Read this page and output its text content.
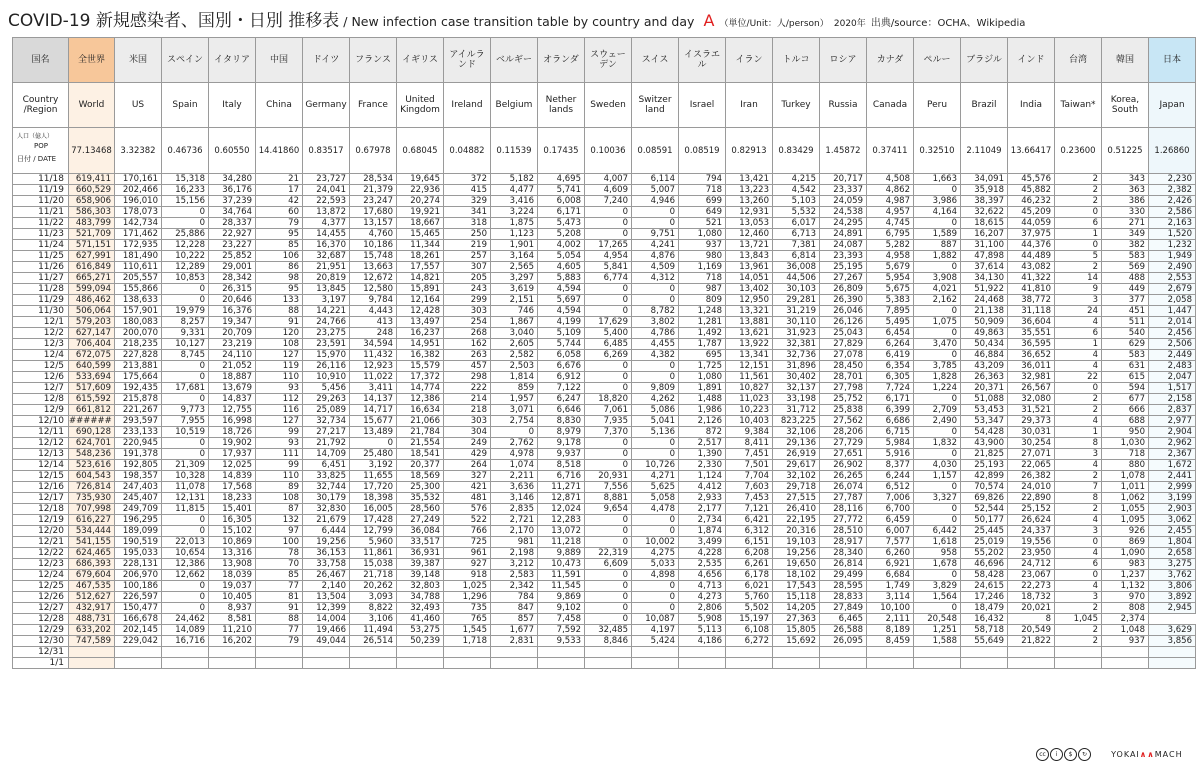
COVID-19 新規感染者、国別・日別 推移表 / New infection case transition table by country and day A （単位/Unit：人/person） 2020年 出典/source：OCHA、Wikipedia
国名	全世界	米国	スペイン	イタリア	中国	ドイツ	フランス	イギリス	アイルランド	ベルギー	オランダ	スウェーデン	スイス	イスラエル	イラン	トルコ	ロシア	カナダ	ペルー	ブラジル	インド	台湾	韓国	日本
Country /Region	World	US	Spain	Italy	China	Germany	France	United Kingdom	Ireland	Belgium	Nether lands	Sweden	Switzer land	Israel	Iran	Turkey	Russia	Canada	Peru	Brazil	India	Taiwan*	Korea, South	Japan

人口（億人）
POP
日付 / DATE	77.13468	3.32382	0.46736	0.60550	14.41860	0.83517	0.67978	0.68045	0.04882	0.11539	0.17435	0.10036	0.08591	0.08519	0.82913	0.83429	1.45872	0.37411	0.32510	2.11049	13.66417	0.23600	0.51225	1.26860
11/18	619,411	170,161	15,318	34,280	21	23,727	28,534	19,645	372	5,182	4,695	4,007	6,114	794	13,421	4,215	20,717	4,508	1,663	34,091	45,576	2	343	2,230
11/19	660,529	202,466	16,233	36,176	17	24,041	21,379	22,936	415	4,477	5,741	4,609	5,007	718	13,223	4,542	23,337	4,862	0	35,918	45,882	2	363	2,382
11/20	658,906	196,010	15,156	37,239	42	22,593	23,247	20,274	329	3,416	6,008	7,240	4,946	699	13,260	5,103	24,059	4,987	3,986	38,397	46,232	2	386	2,426
11/21	586,303	178,073	0	34,764	60	13,872	17,680	19,921	341	3,224	6,171	0	0	649	12,931	5,532	24,538	4,957	4,164	32,622	45,209	0	330	2,586
11/22	483,799	142,734	0	28,337	79	4,377	13,157	18,667	318	1,875	5,473	0	0	521	13,053	6,017	24,295	4,745	0	18,615	44,059	6	271	2,163
11/23	521,709	171,462	25,886	22,927	95	14,455	4,760	15,465	250	1,123	5,208	0	9,751	1,080	12,460	6,713	24,891	6,795	1,589	16,207	37,975	1	349	1,520
11/24	571,151	172,935	12,228	23,227	85	16,370	10,186	11,344	219	1,901	4,002	17,265	4,241	937	13,721	7,381	24,087	5,282	887	31,100	44,376	0	382	1,232
11/25	627,991	181,490	10,222	25,852	106	32,687	15,748	18,261	257	3,164	5,054	4,954	4,876	980	13,843	6,814	23,393	4,958	1,882	47,898	44,489	5	583	1,949
11/26	616,849	110,611	12,289	29,001	86	21,951	13,663	17,557	307	2,565	4,605	5,841	4,509	1,169	13,961	36,008	25,195	5,679	0	37,614	43,082	2	569	2,490
11/27	665,271	205,557	10,853	28,342	98	20,819	12,672	14,821	205	3,297	5,883	6,774	4,312	718	14,051	44,506	27,267	5,954	3,908	34,130	41,322	14	488	2,553
11/28	599,094	155,866	0	26,315	95	13,845	12,580	15,891	243	3,619	4,594	0	0	987	13,402	30,103	26,809	5,675	4,021	51,922	41,810	9	449	2,679
11/29	486,462	138,633	0	20,646	133	3,197	9,784	12,164	299	2,151	5,697	0	0	809	12,950	29,281	26,390	5,383	2,162	24,468	38,772	3	377	2,058
11/30	506,064	157,901	19,979	16,376	88	14,221	4,443	12,428	303	746	4,594	0	8,782	1,248	13,321	31,219	26,046	7,895	0	21,138	31,118	24	451	1,447
12/1	579,203	180,083	8,257	19,347	91	24,766	413	13,497	254	1,867	4,199	17,629	3,802	1,281	13,881	30,110	26,126	5,495	1,075	50,909	36,604	4	511	2,014
12/2	627,147	200,070	9,331	20,709	120	23,275	248	16,237	268	3,040	5,109	5,400	4,786	1,492	13,621	31,923	25,043	6,454	0	49,863	35,551	6	540	2,456
12/3	706,404	218,235	10,127	23,219	108	23,591	34,594	14,951	162	2,605	5,744	6,485	4,455	1,787	13,922	32,381	27,829	6,264	3,470	50,434	36,595	1	629	2,506
12/4	672,075	227,828	8,745	24,110	127	15,970	11,432	16,382	263	2,582	6,058	6,269	4,382	695	13,341	32,736	27,078	6,419	0	46,884	36,652	4	583	2,449
12/5	640,599	213,881	0	21,052	119	26,116	12,923	15,579	457	2,503	6,676	0	0	1,725	12,151	31,896	28,450	6,354	3,785	43,209	36,011	4	631	2,483
12/6	533,694	175,664	0	18,887	110	10,910	11,022	17,372	298	1,814	6,912	0	0	1,080	11,561	30,402	28,701	6,305	1,828	26,363	32,981	22	615	2,047
12/7	517,609	192,435	17,681	13,679	93	5,456	3,411	14,774	222	859	7,122	0	9,809	1,891	10,827	32,137	27,798	7,724	1,224	20,371	26,567	0	594	1,517
12/8	615,592	215,878	0	14,837	112	29,263	14,137	12,386	214	1,957	6,247	18,820	4,262	1,488	11,023	33,198	25,752	6,171	0	51,088	32,080	2	677	2,158
12/9	661,812	221,267	9,773	12,755	116	25,089	14,717	16,634	218	3,071	6,646	7,061	5,086	1,986	10,223	31,712	25,838	6,399	2,709	53,453	31,521	2	666	2,837
12/10	######	293,597	7,955	16,998	127	32,734	15,677	21,066	303	2,754	8,830	7,935	5,041	2,126	10,403	823,225	27,562	6,686	2,490	53,347	29,373	4	688	2,977
12/11	690,128	233,133	10,519	18,726	99	27,217	13,489	21,784	304	0	8,979	7,370	5,136	872	9,384	32,106	28,206	6,715	0	54,428	30,031	1	950	2,904
12/12	624,701	220,945	0	19,902	93	21,792	0	21,554	249	2,762	9,178	0	0	2,517	8,411	29,136	27,729	5,984	1,832	43,900	30,254	8	1,030	2,962
12/13	548,236	191,378	0	17,937	111	14,709	25,480	18,541	429	4,978	9,937	0	0	1,390	7,451	26,919	27,651	5,916	0	21,825	27,071	3	718	2,367
12/14	523,616	192,805	21,309	12,025	99	6,451	3,192	20,377	264	1,074	8,518	0	10,726	2,330	7,501	29,617	26,902	8,377	4,030	25,193	22,065	4	880	1,672
12/15	604,543	198,357	10,328	14,839	110	33,825	11,655	18,569	327	2,211	6,716	20,931	4,271	1,124	7,704	32,102	26,265	6,244	1,157	42,899	26,382	2	1,078	2,441
12/16	726,814	247,403	11,078	17,568	89	32,744	17,720	25,300	421	3,636	11,271	7,556	5,625	4,412	7,603	29,718	26,074	6,512	0	70,574	24,010	7	1,011	2,999
12/17	735,930	245,407	12,131	18,233	108	30,179	18,398	35,532	481	3,146	12,871	8,881	5,058	2,933	7,453	27,515	27,787	7,006	3,327	69,826	22,890	8	1,062	3,199
12/18	707,998	249,709	11,815	15,401	87	32,830	16,005	28,560	576	2,835	12,024	9,654	4,478	2,177	7,121	26,410	28,116	6,700	0	52,544	25,152	2	1,055	2,903
12/19	616,227	196,295	0	16,305	132	21,679	17,428	27,249	522	2,721	12,283	0	0	2,734	6,421	22,195	27,772	6,459	0	50,177	26,624	4	1,095	3,062
12/20	534,444	189,099	0	15,102	97	6,444	12,799	36,084	766	2,170	13,072	0	0	1,874	6,312	20,316	28,510	6,007	6,442	25,445	24,337	3	926	2,455
12/21	541,155	190,519	22,013	10,869	100	19,256	5,960	33,517	725	981	11,218	0	10,002	3,499	6,151	19,103	28,917	7,577	1,618	25,019	19,556	0	869	1,804
12/22	624,465	195,033	10,654	13,316	78	36,153	11,861	36,931	961	2,198	9,889	22,319	4,275	4,228	6,208	19,256	28,340	6,260	958	55,202	23,950	4	1,090	2,658
12/23	686,393	228,131	12,386	13,908	70	33,758	15,038	39,387	927	3,212	10,473	6,609	5,033	2,535	6,261	19,650	26,814	6,921	1,678	46,696	24,712	6	983	3,275
12/24	679,604	206,970	12,662	18,039	85	26,467	21,718	39,148	918	2,583	11,591	0	4,898	4,656	6,178	18,102	29,499	6,684	0	58,428	23,067	0	1,237	3,762
12/25	467,535	100,186	0	19,037	77	2,140	20,262	32,803	1,025	2,342	11,545	0	0	4,713	6,021	17,543	28,595	1,749	3,829	24,615	22,273	4	1,132	3,806
12/26	512,627	226,597	0	10,405	81	13,504	3,093	34,788	1,296	784	9,869	0	0	4,273	5,760	15,118	28,833	3,114	1,564	17,246	18,732	3	970	3,892
12/27	432,917	150,477	0	8,937	91	12,399	8,822	32,493	735	847	9,102	0	0	2,806	5,502	14,205	27,849	10,100	0	18,479	20,021	2	808	2,945
12/28	488,731	166,678	24,462	8,581	88	14,004	3,106	41,460	765	857	7,458	0	10,087	5,908	15,197	27,363	6,465	2,111	20,548	16,432	8	1,045	2,374	
12/29	633,202	202,145	14,089	11,210	77	19,466	11,494	53,275	1,545	1,677	7,592	32,485	4,197	5,113	6,108	15,805	26,588	8,189	1,251	58,718	20,549	2	1,048	3,629
12/30	747,589	229,042	16,716	16,202	79	49,044	26,514	50,239	1,718	2,831	9,533	8,846	5,424	4,186	6,272	15,692	26,095	8,459	1,588	55,649	21,822	2	937	3,856
12/31																								
1/1																								
cc i $ ↻	YOKAI∧∧MACH
